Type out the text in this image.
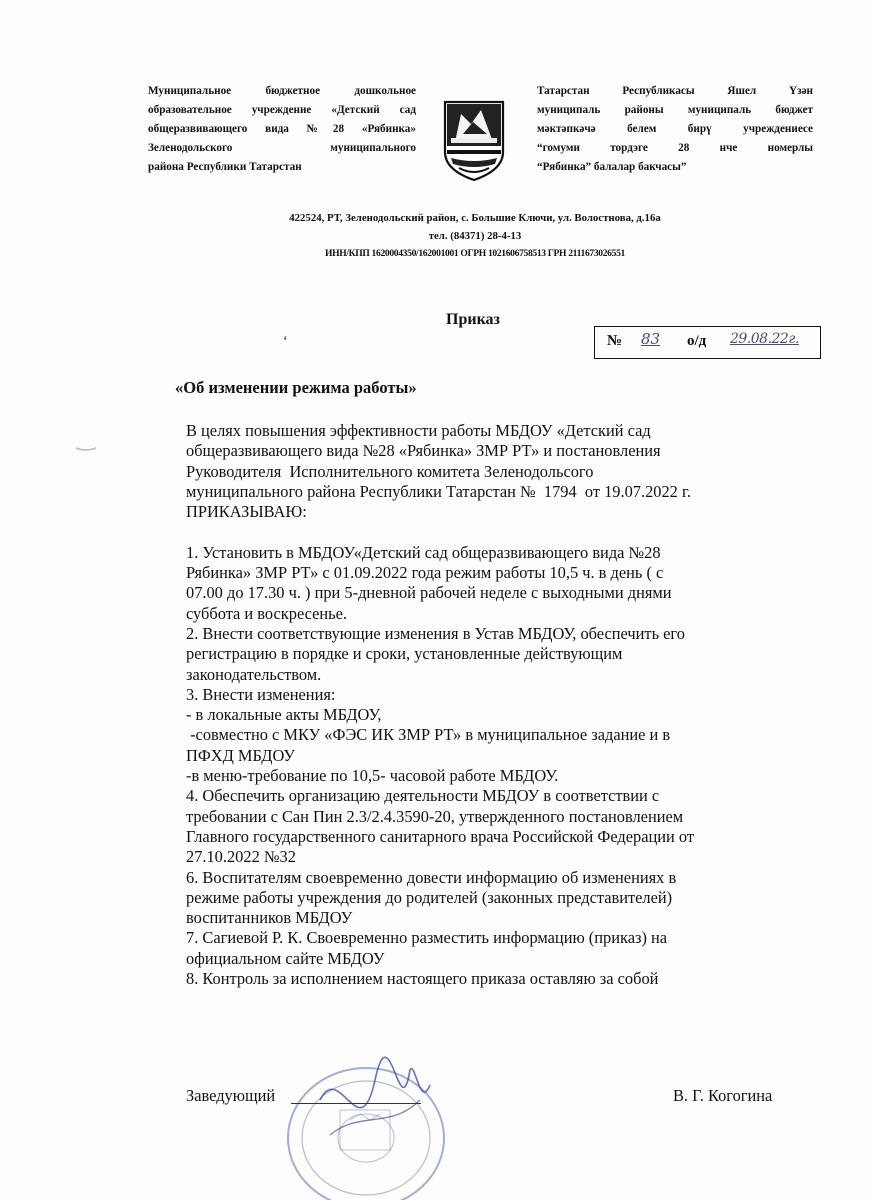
Муниципальное бюджетное дошкольное
образовательное учреждение «Детский сад
общеразвивающего вида №28 «Рябинка»
Зеленодольского муниципального
района Республики Татарстан
Татарстан Республикасы Яшел Үзән
муниципаль районы муниципаль бюджет
мәктәпкәчә белем бирү учреждениесе
“гомуми тордэге 28 нче номерлы
“Рябинка” балалар бакчасы”
422524, РТ, Зеленодольский район, с. Большие Ключи, ул. Волостнова, д.16а
тел. (84371) 28-4-13
ИНН/КПП 1620004350/162001001 ОГРН 1021606758513 ГРН 2111673026551
Приказ
‘	№ 83 о/д 29.08.22г.
«Об изменении режима работы»
В целях повышения эффективности работы МБДОУ «Детский сад
общеразвивающего вида №28 «Рябинка» ЗМР РТ» и постановления
Руководителя  Исполнительного комитета Зеленодольсого
муниципального района Республики Татарстан №  1794  от 19.07.2022 г.
ПРИКАЗЫВАЮ:
1. Установить в МБДОУ«Детский сад общеразвивающего вида №28
Рябинка» ЗМР РТ» с 01.09.2022 года режим работы 10,5 ч. в день ( с
07.00 до 17.30 ч. ) при 5-дневной рабочей неделе с выходными днями
суббота и воскресенье.
2. Внести соответствующие изменения в Устав МБДОУ, обеспечить его
регистрацию в порядке и сроки, установленные действующим
законодательством.
3. Внести изменения:
- в локальные акты МБДОУ,
-совместно с МКУ «ФЭС ИК ЗМР РТ» в муниципальное задание и в
ПФХД МБДОУ
-в меню-требование по 10,5- часовой работе МБДОУ.
4. Обеспечить организацию деятельности МБДОУ в соответствии с
требовании с Сан Пин 2.3/2.4.3590-20, утвержденного постановлением
Главного государственного санитарного врача Российской Федерации от
27.10.2022 №32
6. Воспитателям своевременно довести информацию об изменениях в
режиме работы учреждения до родителей (законных представителей)
воспитанников МБДОУ
7. Сагиевой Р. К. Своевременно разместить информацию (приказ) на
официальном сайте МБДОУ
8. Контроль за исполнением настоящего приказа оставляю за собой
Заведующий	В. Г. Когогина
